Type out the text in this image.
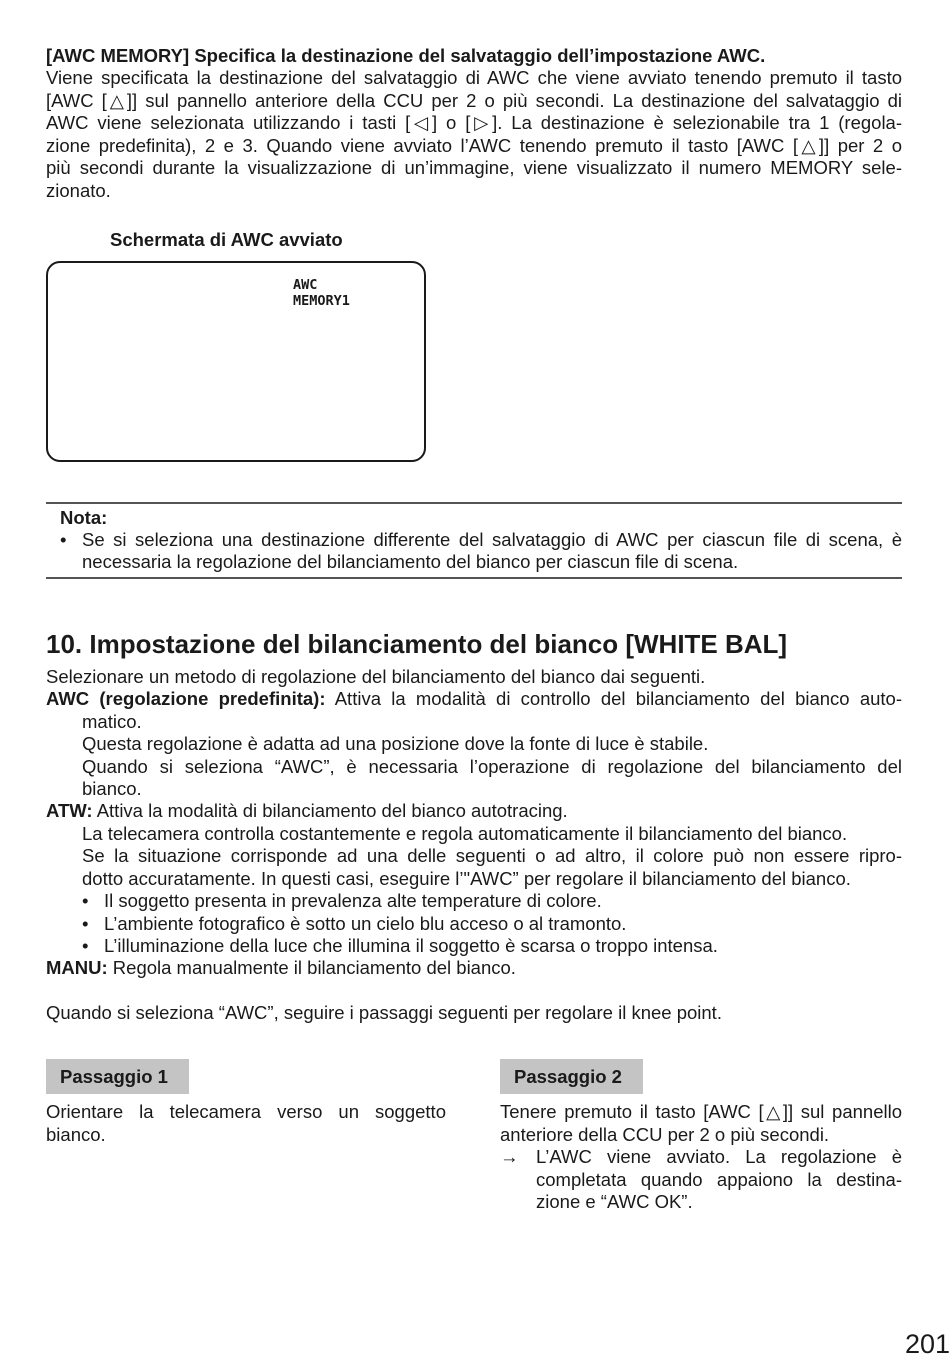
[AWC MEMORY] Specifica la destinazione del salvataggio dell’impostazione AWC.
Viene specificata la destinazione del salvataggio di AWC che viene avviato tenendo premuto il tasto
[AWC [△]] sul pannello anteriore della CCU per 2 o più secondi. La destinazione del salvataggio di
AWC viene selezionata utilizzando i tasti [◁] o [▷]. La destinazione è selezionabile tra 1 (regola-
zione predefinita), 2 e 3. Quando viene avviato l’AWC tenendo premuto il tasto [AWC [△]] per 2 o
più secondi durante la visualizzazione di un’immagine, viene visualizzato il numero MEMORY sele-
zionato.
Schermata di AWC avviato
AWC
MEMORY1
Nota:
• Se si seleziona una destinazione differente del salvataggio di AWC per ciascun file di scena, è
necessaria la regolazione del bilanciamento del bianco per ciascun file di scena.
10. Impostazione del bilanciamento del bianco [WHITE BAL]
Selezionare un metodo di regolazione del bilanciamento del bianco dai seguenti.
AWC (regolazione predefinita): Attiva la modalità di controllo del bilanciamento del bianco auto-
matico.
Questa regolazione è adatta ad una posizione dove la fonte di luce è stabile.
Quando si seleziona “AWC”, è necessaria l’operazione di regolazione del bilanciamento del
bianco.
ATW: Attiva la modalità di bilanciamento del bianco autotracing.
La telecamera controlla costantemente e regola automaticamente il bilanciamento del bianco.
Se la situazione corrisponde ad una delle seguenti o ad altro, il colore può non essere ripro-
dotto accuratamente. In questi casi, eseguire l’"AWC” per regolare il bilanciamento del bianco.
• Il soggetto presenta in prevalenza alte temperature di colore.
• L’ambiente fotografico è sotto un cielo blu acceso o al tramonto.
• L’illuminazione della luce che illumina il soggetto è scarsa o troppo intensa.
MANU: Regola manualmente il bilanciamento del bianco.
Quando si seleziona “AWC”, seguire i passaggi seguenti per regolare il knee point.
Passaggio 1
Orientare la telecamera verso un soggetto
bianco.
Passaggio 2
Tenere premuto il tasto [AWC [△]] sul pannello
anteriore della CCU per 2 o più secondi.
→ L’AWC viene avviato. La regolazione è
completata quando appaiono la destina-
zione e “AWC OK”.
201
